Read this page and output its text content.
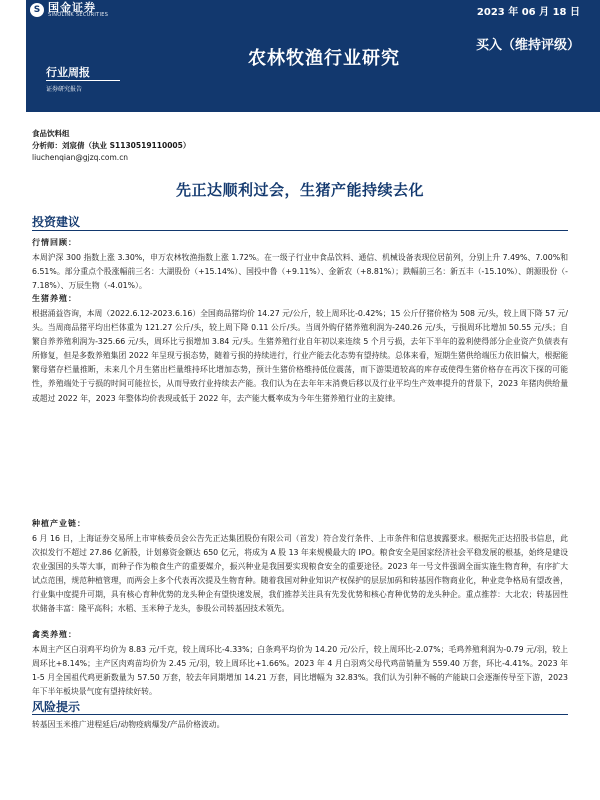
S 国金证券
SINOLINK SECURITIES	2023 年 06 月 18 日
农林牧渔行业研究
买入（维持评级）
行业周报
证券研究报告
食品饮料组
分析师：刘宸倩（执业 S1130519110005）
liuchenqian@gjzq.com.cn
先正达顺利过会，生猪产能持续去化
投资建议
行情回顾：

本周沪深 300 指数上涨 3.30%，申万农林牧渔指数上涨 1.72%。在一级子行业中食品饮料、通信、机械设备表现位居前列，分别上升 7.49%、7.00%和 6.51%。部分重点个股涨幅前三名：大湖股份（+15.14%）、国投中鲁（+9.11%）、金新农（+8.81%）；跌幅前三名：新五丰（-15.10%）、朗源股份（-7.18%）、万辰生物（-4.01%）。

生猪养殖：

根据涌益咨询，本周（2022.6.12-2023.6.16）全国商品猪均价 14.27 元/公斤，较上周环比-0.42%；15 公斤仔猪价格为 508 元/头，较上周下降 57 元/头。当周商品猪平均出栏体重为 121.27 公斤/头，较上周下降 0.11 公斤/头。当周外购仔猪养殖利润为-240.26 元/头，亏损周环比增加 50.55 元/头；自繁自养养殖利润为-325.66 元/头，周环比亏损增加 3.84 元/头。生猪养殖行业自年初以来连续 5 个月亏损，去年下半年的盈利使得部分企业资产负债表有所修复，但是多数养殖集团 2022 年呈现亏损态势，随着亏损的持续进行，行业产能去化态势有望持续。总体来看，短期生猪供给端压力依旧偏大，根据能繁母猪存栏量推断，未来几个月生猪出栏量维持环比增加态势，预计生猪价格维持低位震荡，而下游渠道较高的库存或使得生猪价格存在再次下探的可能性，养殖端处于亏损的时间可能拉长，从而导致行业持续去产能。我们认为在去年年末消费后移以及行业平均生产效率提升的背景下，2023 年猪肉供给量或超过 2022 年，2023 年整体均价表现或低于 2022 年，去产能大概率成为今年生猪养殖行业的主旋律。

种植产业链：

6 月 16 日，上海证券交易所上市审核委员会公告先正达集团股份有限公司（首发）符合发行条件、上市条件和信息披露要求。根据先正达招股书信息，此次拟发行不超过 27.86 亿新股，计划募资金额达 650 亿元，将成为 A 股 13 年来规模最大的 IPO。粮食安全是国家经济社会平稳发展的根基，始终是建设农业强国的头等大事，而种子作为粮食生产的重要媒介，振兴种业是我国要实现粮食安全的重要途径。2023 年一号文件强调全面实施生物育种，有序扩大试点范围，规范种植管理，而两会上多个代表再次提及生物育种。随着我国对种业知识产权保护的层层加码和转基因作物商业化，种业竞争格局有望改善，行业集中度提升可期，具有核心育种优势的龙头种企有望快速发展，我们推荐关注具有先发优势和核心育种优势的龙头种企。重点推荐：大北农；转基因性状储备丰富：隆平高科；水稻、玉米种子龙头，参股公司转基因技术领先。

禽类养殖：

本周主产区白羽鸡平均价为 8.83 元/千克，较上周环比-4.33%；白条鸡平均价为 14.20 元/公斤，较上周环比-2.07%；毛鸡养殖利润为-0.79 元/羽，较上周环比+8.14%；主产区肉鸡苗均价为 2.45 元/羽，较上周环比+1.66%。2023 年 4 月白羽鸡父母代鸡苗销量为 559.40 万套，环比-4.41%。2023 年 1-5 月全国祖代鸡更新数量为 57.50 万套，较去年同期增加 14.21 万套，同比增幅为 32.83%。我们认为引种不畅的产能缺口会逐渐传导至下游，2023 年下半年板块景气度有望持续好转。

风险提示

转基因玉米推广进程延后/动物疫病爆发/产品价格波动。
